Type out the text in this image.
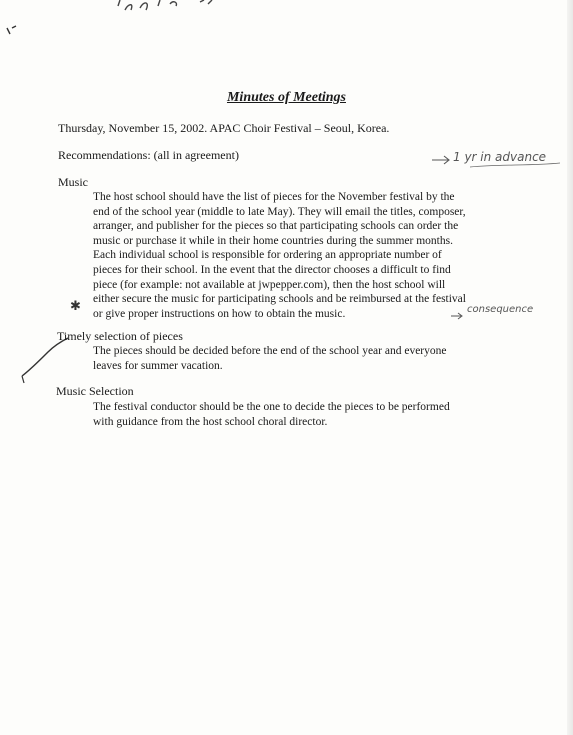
Minutes of Meetings
Thursday, November 15, 2002. APAC Choir Festival – Seoul, Korea.
Recommendations: (all in agreement)
Music
The host school should have the list of pieces for the November festival by the
end of the school year (middle to late May). They will email the titles, composer,
arranger, and publisher for the pieces so that participating schools can order the
music or purchase it while in their home countries during the summer months.
Each individual school is responsible for ordering an appropriate number of
pieces for their school. In the event that the director chooses a difficult to find
piece (for example: not available at jwpepper.com), then the host school will
either secure the music for participating schools and be reimbursed at the festival
or give proper instructions on how to obtain the music.
Timely selection of pieces
The pieces should be decided before the end of the school year and everyone
leaves for summer vacation.
Music Selection
The festival conductor should be the one to decide the pieces to be performed
with guidance from the host school choral director.
1 yr in advance
consequence
✱
